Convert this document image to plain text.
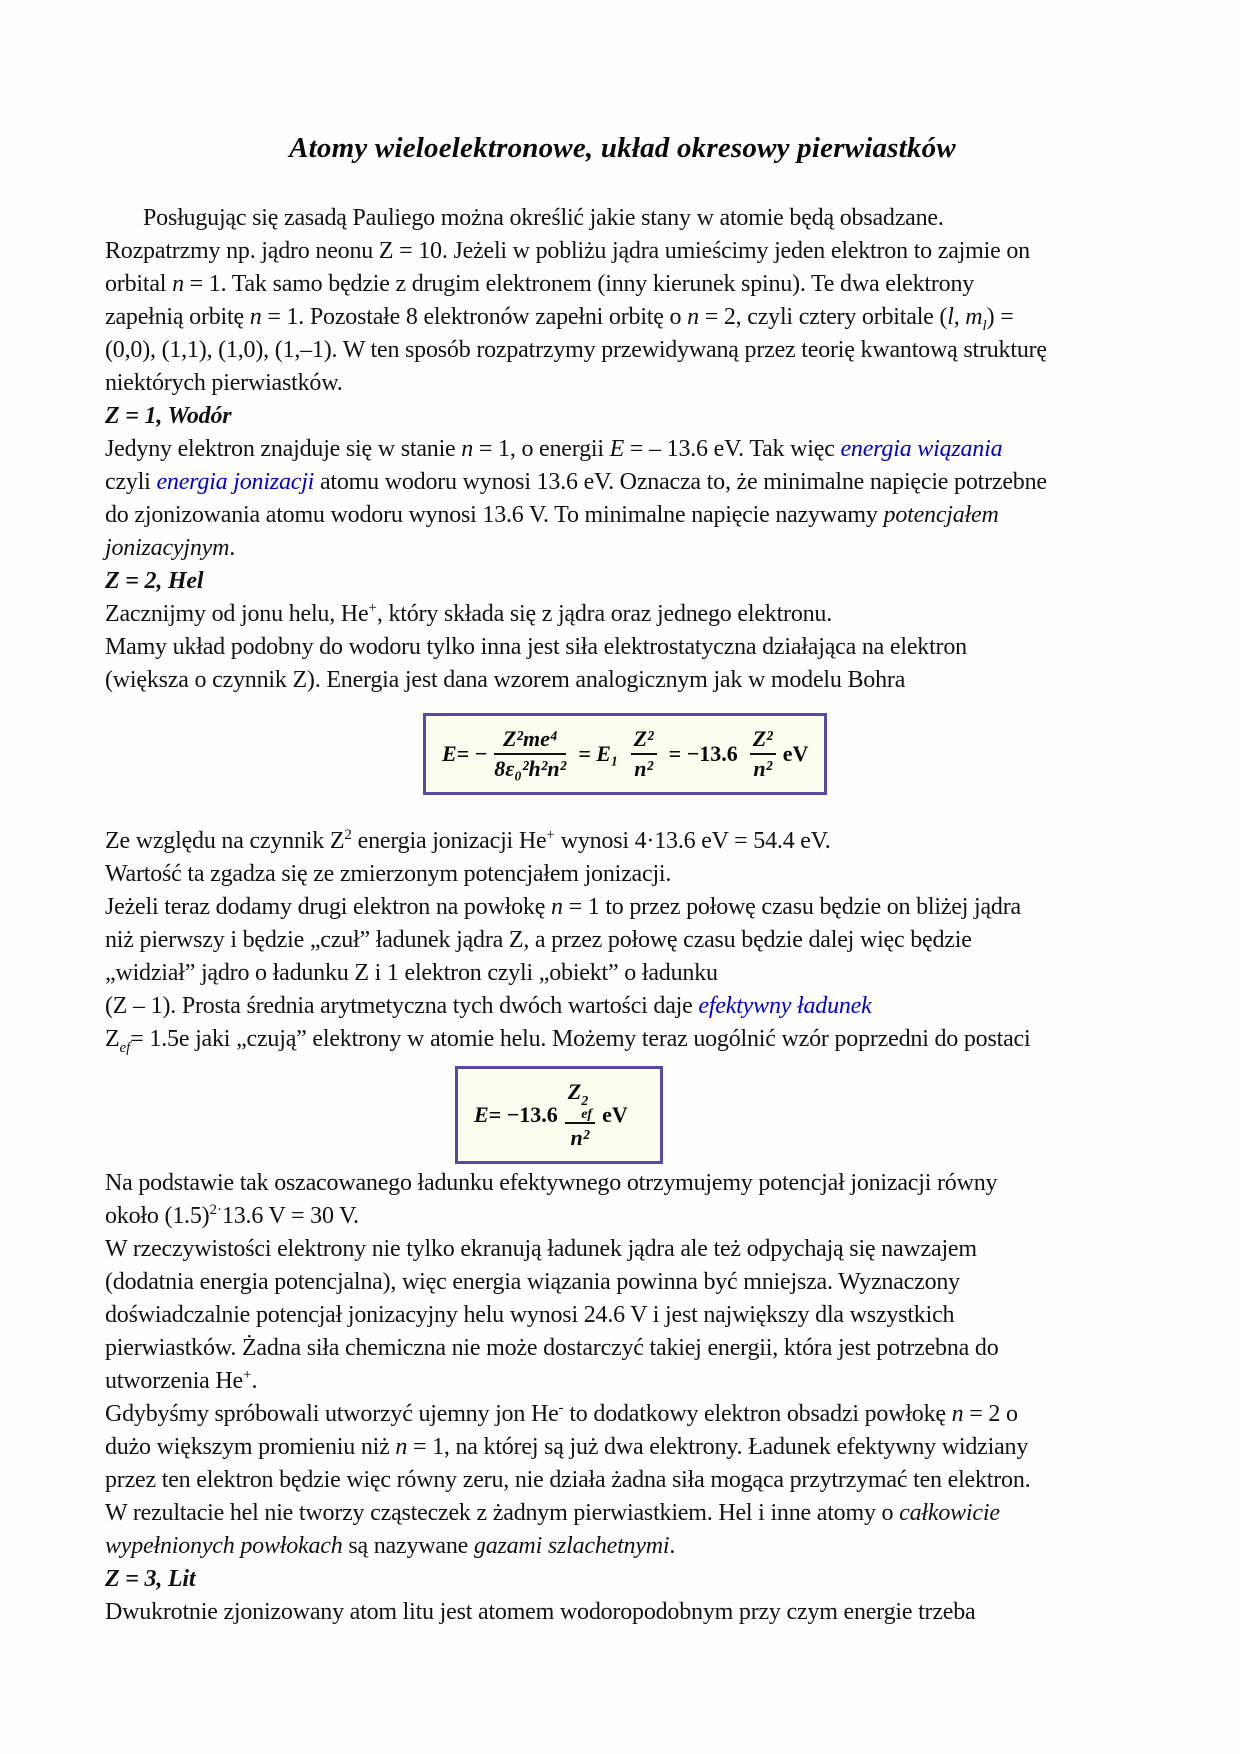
Atomy wieloelektronowe, układ okresowy pierwiastków
Posługując się zasadą Pauliego można określić jakie stany w atomie będą obsadzane.
Rozpatrzmy np. jądro neonu Z = 10. Jeżeli w pobliżu jądra umieścimy jeden elektron to zajmie on
orbital n = 1. Tak samo będzie z drugim elektronem (inny kierunek spinu). Te dwa elektrony
zapełnią orbitę n = 1. Pozostałe 8 elektronów zapełni orbitę o n = 2, czyli cztery orbitale (l, $m_l$) =
(0,0), (1,1), (1,0), (1,–1). W ten sposób rozpatrzymy przewidywaną przez teorię kwantową strukturę
niektórych pierwiastków.
Z = 1, Wodór
Jedyny elektron znajduje się w stanie n = 1, o energii E = – 13.6 eV. Tak więc energia wiązania
czyli energia jonizacji atomu wodoru wynosi 13.6 eV. Oznacza to, że minimalne napięcie potrzebne
do zjonizowania atomu wodoru wynosi 13.6 V. To minimalne napięcie nazywamy potencjałem
jonizacyjnym.
Z = 2, Hel
Zacznijmy od jonu helu, He+, który składa się z jądra oraz jednego elektronu.
Mamy układ podobny do wodoru tylko inna jest siła elektrostatyczna działająca na elektron
(większa o czynnik Z). Energia jest dana wzorem analogicznym jak w modelu Bohra
E = − $\frac{\text{Z²me⁴}}{\text{8ε₀²h²n²}} = E_1 \frac{\text{Z²}}{\text{n²}} = -13.6 \frac{\text{Z²}}{\text{n²}}$ eV
Ze względu na czynnik $Z^2$ energia jonizacji He+ wynosi 4·13.6 eV = 54.4 eV.
Wartość ta zgadza się ze zmierzonym potencjałem jonizacji.
Jeżeli teraz dodamy drugi elektron na powłokę n = 1 to przez połowę czasu będzie on bliżej jądra
niż pierwszy i będzie „czuł” ładunek jądra Z, a przez połowę czasu będzie dalej więc będzie
„widział” jądro o ładunku Z i 1 elektron czyli „obiekt” o ładunku
(Z – 1). Prosta średnia arytmetyczna tych dwóch wartości daje efektywny ładunek
$Z_{ef}= 1.5e$ jaki „czują” elektrony w atomie helu. Możemy teraz uogólnić wzór poprzedni do postaci
E = − 13.6 Z 2
ef
n² eV
Na podstawie tak oszacowanego ładunku efektywnego otrzymujemy potencjał jonizacji równy
około $(1.5)^{2\cdot}13.6$ V = 30 V.
W rzeczywistości elektrony nie tylko ekranują ładunek jądra ale też odpychają się nawzajem
(dodatnia energia potencjalna), więc energia wiązania powinna być mniejsza. Wyznaczony
doświadczalnie potencjał jonizacyjny helu wynosi 24.6 V i jest największy dla wszystkich
pierwiastków. Żadna siła chemiczna nie może dostarczyć takiej energii, która jest potrzebna do
utworzenia He+.
Gdybyśmy spróbowali utworzyć ujemny jon He- to dodatkowy elektron obsadzi powłokę n = 2 o
dużo większym promieniu niż n = 1, na której są już dwa elektrony. Ładunek efektywny widziany
przez ten elektron będzie więc równy zeru, nie działa żadna siła mogąca przytrzymać ten elektron.
W rezultacie hel nie tworzy cząsteczek z żadnym pierwiastkiem. Hel i inne atomy o całkowicie
wypełnionych powłokach są nazywane gazami szlachetnymi.
Z = 3, Lit
Dwukrotnie zjonizowany atom litu jest atomem wodoropodobnym przy czym energie trzeba
